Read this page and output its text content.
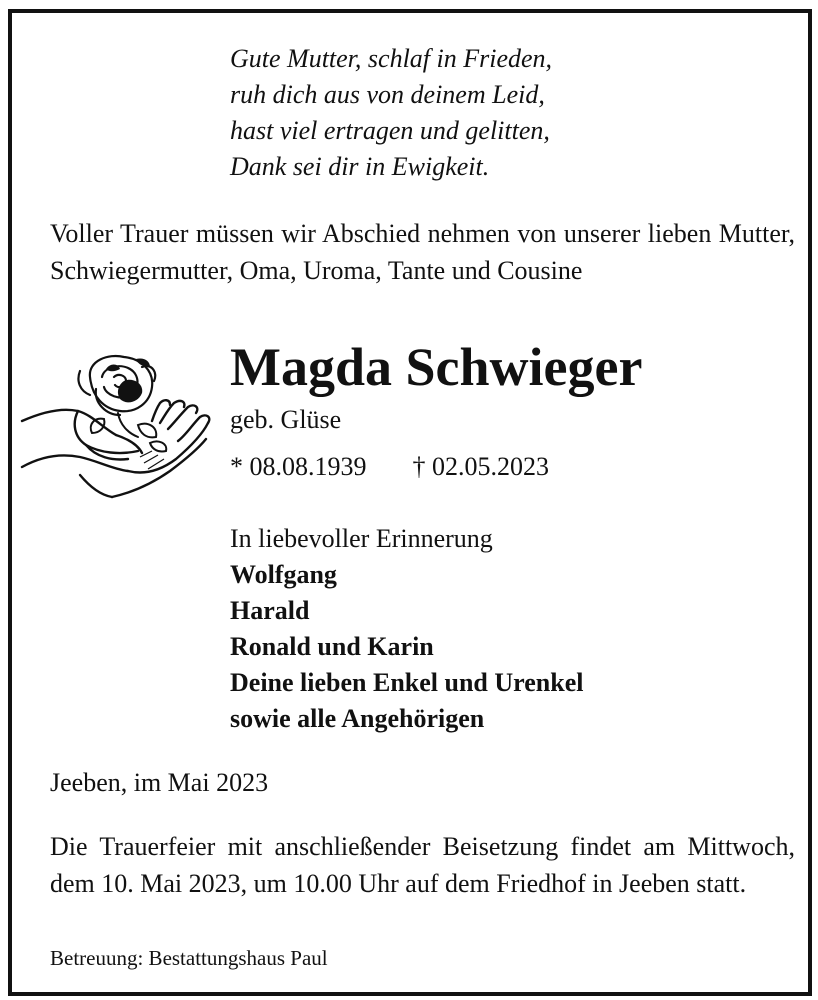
Gute Mutter, schlaf in Frieden,
ruh dich aus von deinem Leid,
hast viel ertragen und gelitten,
Dank sei dir in Ewigkeit.
Voller Trauer müssen wir Abschied nehmen von unserer lieben Mutter, Schwiegermutter, Oma, Uroma, Tante und Cousine
Magda Schwieger
geb. Glüse
* 08.08.1939 † 02.05.2023
In liebevoller Erinnerung
Wolfgang
Harald
Ronald und Karin
Deine lieben Enkel und Urenkel
sowie alle Angehörigen
Jeeben, im Mai 2023
Die Trauerfeier mit anschließender Beisetzung findet am Mittwoch, dem 10. Mai 2023, um 10.00 Uhr auf dem Friedhof in Jeeben statt.
Betreuung: Bestattungshaus Paul
